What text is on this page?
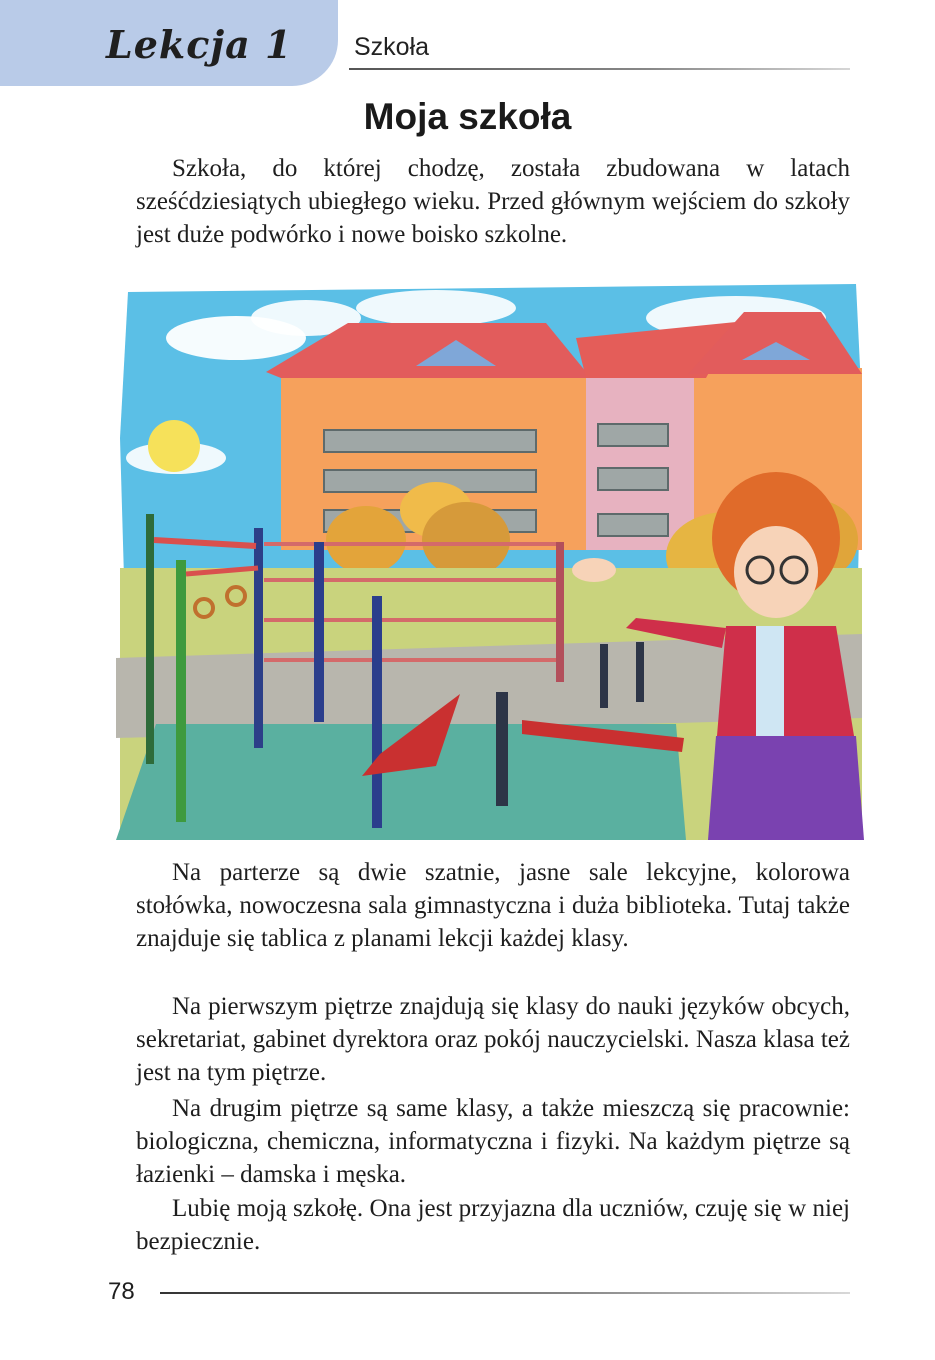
Lekcja 1 Szkoła
Moja szkoła

Szkoła, do której chodzę, została zbudowana w latach sześćdziesiątych ubiegłego wieku. Przed głównym wejściem do szkoły jest duże podwórko i nowe boisko szkolne.

Na parterze są dwie szatnie, jasne sale lekcyjne, kolorowa stołówka, nowoczesna sala gimnastyczna i duża biblioteka. Tutaj także znajduje się tablica z planami lekcji każdej klasy.

Na pierwszym piętrze znajdują się klasy do nauki języków obcych, sekretariat, gabinet dyrektora oraz pokój nauczycielski. Nasza klasa też jest na tym piętrze.

Na drugim piętrze są same klasy, a także mieszczą się pracownie: biologiczna, chemiczna, informatyczna i fizyki. Na każdym piętrze są łazienki – damska i męska.

Lubię moją szkołę. Ona jest przyjazna dla uczniów, czuję się w niej bezpiecznie.

78
